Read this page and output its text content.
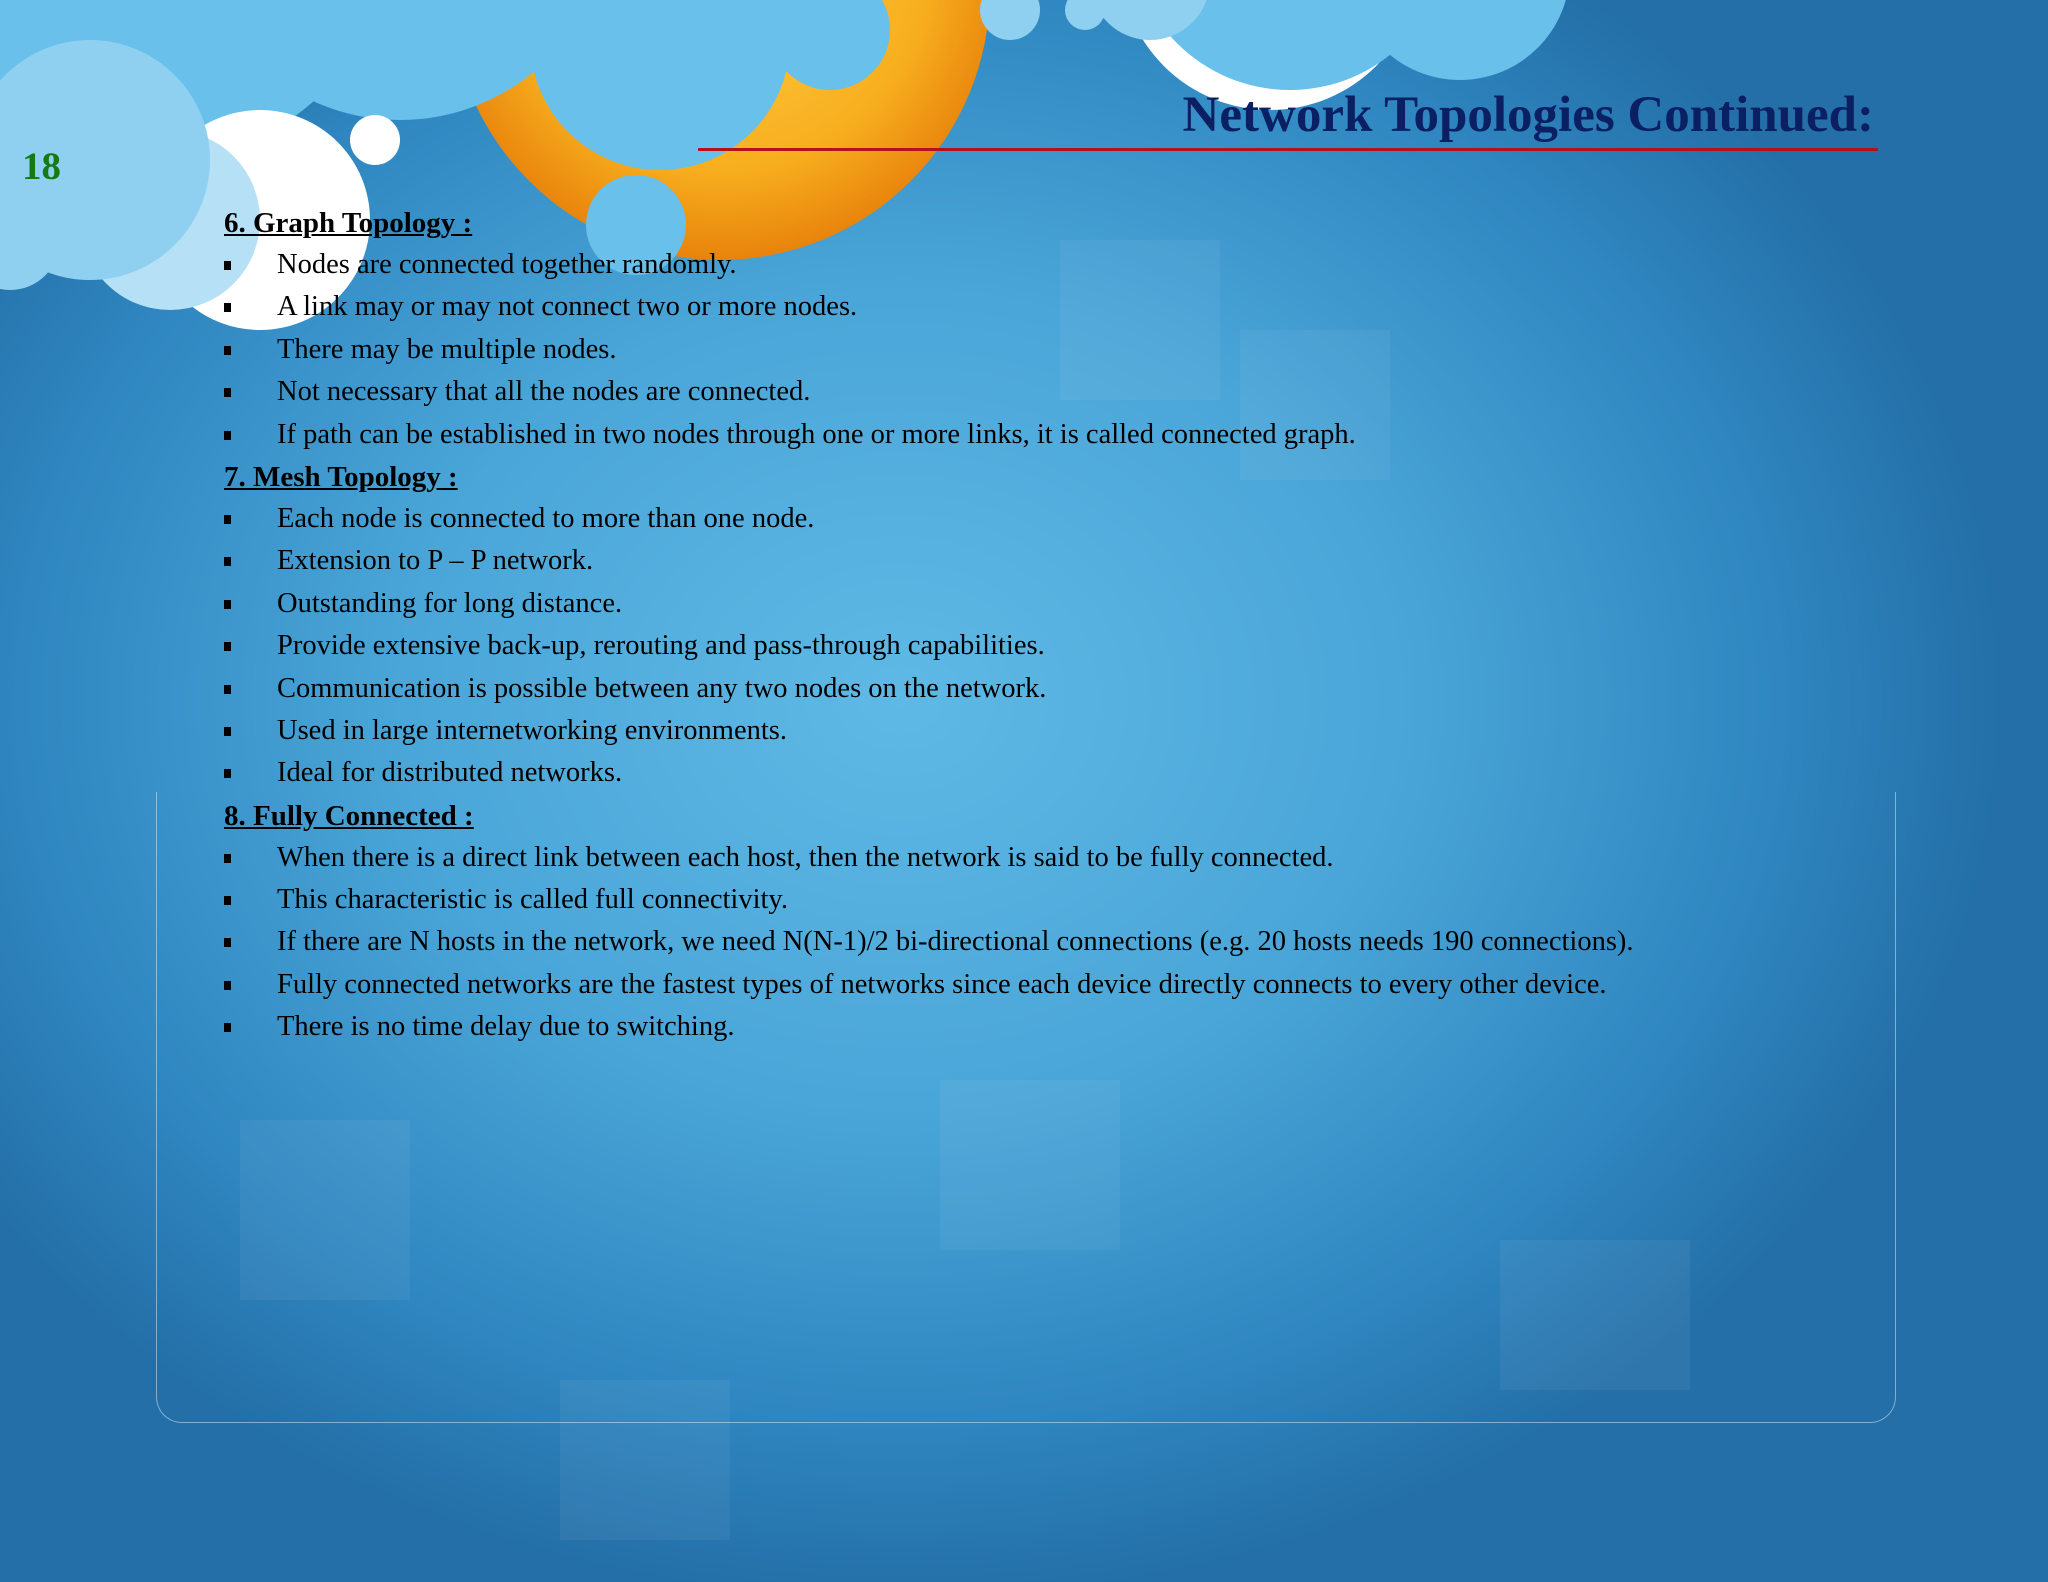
18
Network Topologies Continued:
6. Graph Topology :
Nodes are connected together randomly.
A link may or may not connect two or more nodes.
There may be multiple nodes.
Not necessary that all the nodes are connected.
If path can be established in two nodes through one or more links, it is called connected graph.
7. Mesh Topology :
Each node is connected to more than one node.
Extension to P – P network.
Outstanding for long distance.
Provide extensive back-up, rerouting and pass-through capabilities.
Communication is possible between any two nodes on the network.
Used in large internetworking environments.
Ideal for distributed networks.
8. Fully Connected :
When there is a direct link between each host, then the network is said to be fully connected.
This characteristic is called full connectivity.
If there are N hosts in the network, we need N(N-1)/2 bi-directional connections (e.g. 20 hosts needs 190 connections).
Fully connected networks are the fastest types of networks since each device directly connects to every other device.
There is no time delay due to switching.
